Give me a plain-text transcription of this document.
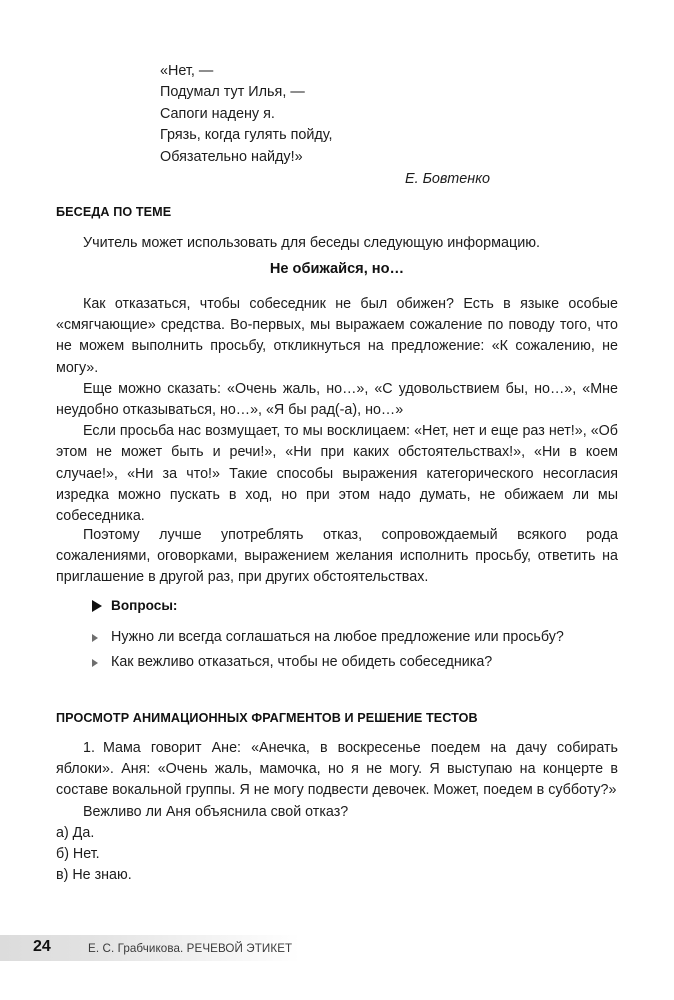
«Нет, —
Подумал тут Илья, —
Сапоги надену я.
Грязь, когда гулять пойду,
Обязательно найду!»
Е. Бовтенко
БЕСЕДА ПО ТЕМЕ
Учитель может использовать для беседы следующую информацию.
Не обижайся, но…

Как отказаться, чтобы собеседник не был обижен? Есть в языке особые «смягчающие» средства. Во-первых, мы выражаем сожаление по поводу того, что не можем выполнить просьбу, откликнуться на предложение: «К сожалению, не могу».

Еще можно сказать: «Очень жаль, но…», «С удовольствием бы, но…», «Мне неудобно отказываться, но…», «Я бы рад(-а), но…»

Если просьба нас возмущает, то мы восклицаем: «Нет, нет и еще раз нет!», «Об этом не может быть и речи!», «Ни при каких обстоятельствах!», «Ни в коем случае!», «Ни за что!» Такие способы выражения категорического несогласия изредка можно пускать в ход, но при этом надо думать, не обижаем ли мы собеседника.

Поэтому лучше употреблять отказ, сопровождаемый всякого рода сожалениями, оговорками, выражением желания исполнить просьбу, ответить на приглашение в другой раз, при других обстоятельствах.

Вопросы:
Нужно ли всегда соглашаться на любое предложение или просьбу?
Как вежливо отказаться, чтобы не обидеть собеседника?
ПРОСМОТР АНИМАЦИОННЫХ ФРАГМЕНТОВ И РЕШЕНИЕ ТЕСТОВ

1. Мама говорит Ане: «Анечка, в воскресенье поедем на дачу собирать яблоки». Аня: «Очень жаль, мамочка, но я не могу. Я выступаю на концерте в составе вокальной группы. Я не могу подвести девочек. Может, поедем в субботу?»

Вежливо ли Аня объяснила свой отказ?

а) Да.

б) Нет.

в) Не знаю.

24	Е. С. Грабчикова. РЕЧЕВОЙ ЭТИКЕТ
